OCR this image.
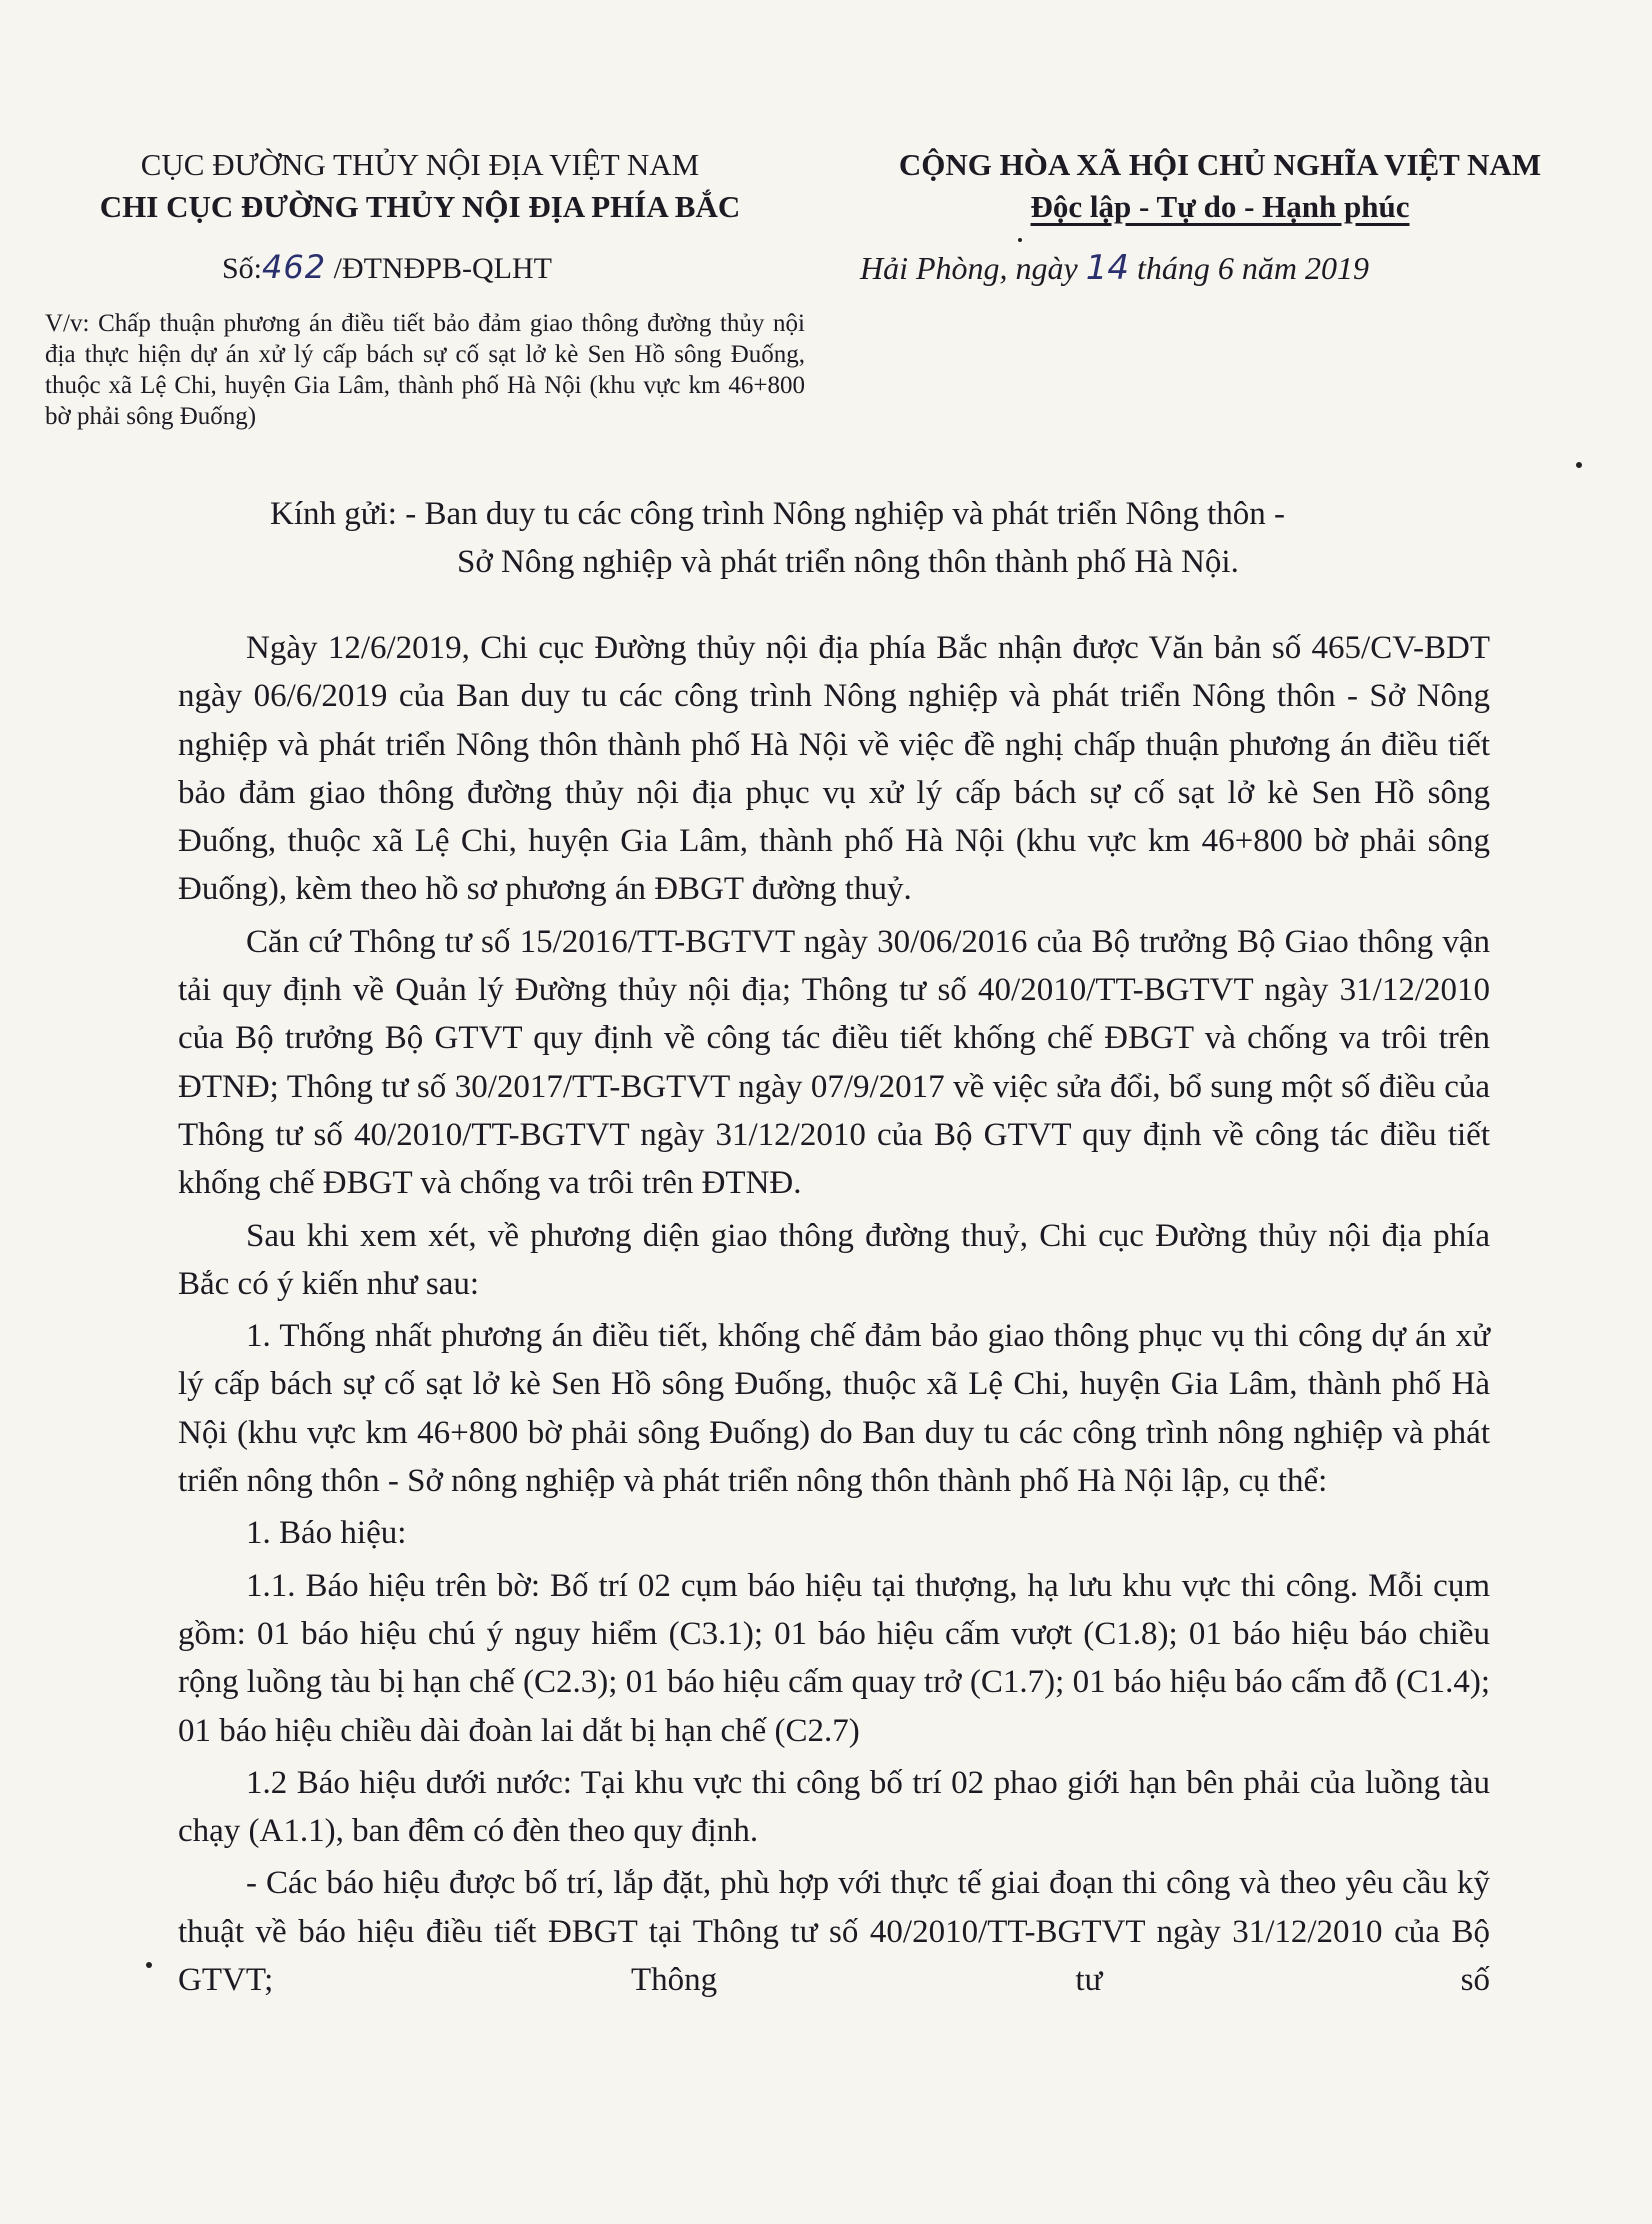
CỤC ĐƯỜNG THỦY NỘI ĐỊA VIỆT NAM
CHI CỤC ĐƯỜNG THỦY NỘI ĐỊA PHÍA BẮC
CỘNG HÒA XÃ HỘI CHỦ NGHĨA VIỆT NAM
Độc lập - Tự do - Hạnh phúc
Số:462 /ĐTNĐPB-QLHT	Hải Phòng, ngày 14 tháng 6 năm 2019
V/v: Chấp thuận phương án điều tiết bảo đảm giao thông đường thủy nội địa thực hiện dự án xử lý cấp bách sự cố sạt lở kè Sen Hồ sông Đuống, thuộc xã Lệ Chi, huyện Gia Lâm, thành phố Hà Nội (khu vực km 46+800 bờ phải sông Đuống)
Kính gửi: - Ban duy tu các công trình Nông nghiệp và phát triển Nông thôn -
Sở Nông nghiệp và phát triển nông thôn thành phố Hà Nội.

Ngày 12/6/2019, Chi cục Đường thủy nội địa phía Bắc nhận được Văn bản số 465/CV-BDT ngày 06/6/2019 của Ban duy tu các công trình Nông nghiệp và phát triển Nông thôn - Sở Nông nghiệp và phát triển Nông thôn thành phố Hà Nội về việc đề nghị chấp thuận phương án điều tiết bảo đảm giao thông đường thủy nội địa phục vụ xử lý cấp bách sự cố sạt lở kè Sen Hồ sông Đuống, thuộc xã Lệ Chi, huyện Gia Lâm, thành phố Hà Nội (khu vực km 46+800 bờ phải sông Đuống), kèm theo hồ sơ phương án ĐBGT đường thuỷ.

Căn cứ Thông tư số 15/2016/TT-BGTVT ngày 30/06/2016 của Bộ trưởng Bộ Giao thông vận tải quy định về Quản lý Đường thủy nội địa; Thông tư số 40/2010/TT-BGTVT ngày 31/12/2010 của Bộ trưởng Bộ GTVT quy định về công tác điều tiết khống chế ĐBGT và chống va trôi trên ĐTNĐ; Thông tư số 30/2017/TT-BGTVT ngày 07/9/2017 về việc sửa đổi, bổ sung một số điều của Thông tư số 40/2010/TT-BGTVT ngày 31/12/2010 của Bộ GTVT quy định về công tác điều tiết khống chế ĐBGT và chống va trôi trên ĐTNĐ.

Sau khi xem xét, về phương diện giao thông đường thuỷ, Chi cục Đường thủy nội địa phía Bắc có ý kiến như sau:

1. Thống nhất phương án điều tiết, khống chế đảm bảo giao thông phục vụ thi công dự án xử lý cấp bách sự cố sạt lở kè Sen Hồ sông Đuống, thuộc xã Lệ Chi, huyện Gia Lâm, thành phố Hà Nội (khu vực km 46+800 bờ phải sông Đuống) do Ban duy tu các công trình nông nghiệp và phát triển nông thôn - Sở nông nghiệp và phát triển nông thôn thành phố Hà Nội lập, cụ thể:

1. Báo hiệu:

1.1. Báo hiệu trên bờ: Bố trí 02 cụm báo hiệu tại thượng, hạ lưu khu vực thi công. Mỗi cụm gồm: 01 báo hiệu chú ý nguy hiểm (C3.1); 01 báo hiệu cấm vượt (C1.8); 01 báo hiệu báo chiều rộng luồng tàu bị hạn chế (C2.3); 01 báo hiệu cấm quay trở (C1.7); 01 báo hiệu báo cấm đỗ (C1.4); 01 báo hiệu chiều dài đoàn lai dắt bị hạn chế (C2.7)

1.2 Báo hiệu dưới nước: Tại khu vực thi công bố trí 02 phao giới hạn bên phải của luồng tàu chạy (A1.1), ban đêm có đèn theo quy định.

- Các báo hiệu được bố trí, lắp đặt, phù hợp với thực tế giai đoạn thi công và theo yêu cầu kỹ thuật về báo hiệu điều tiết ĐBGT tại Thông tư số 40/2010/TT-BGTVT ngày 31/12/2010 của Bộ GTVT; Thông tư số
